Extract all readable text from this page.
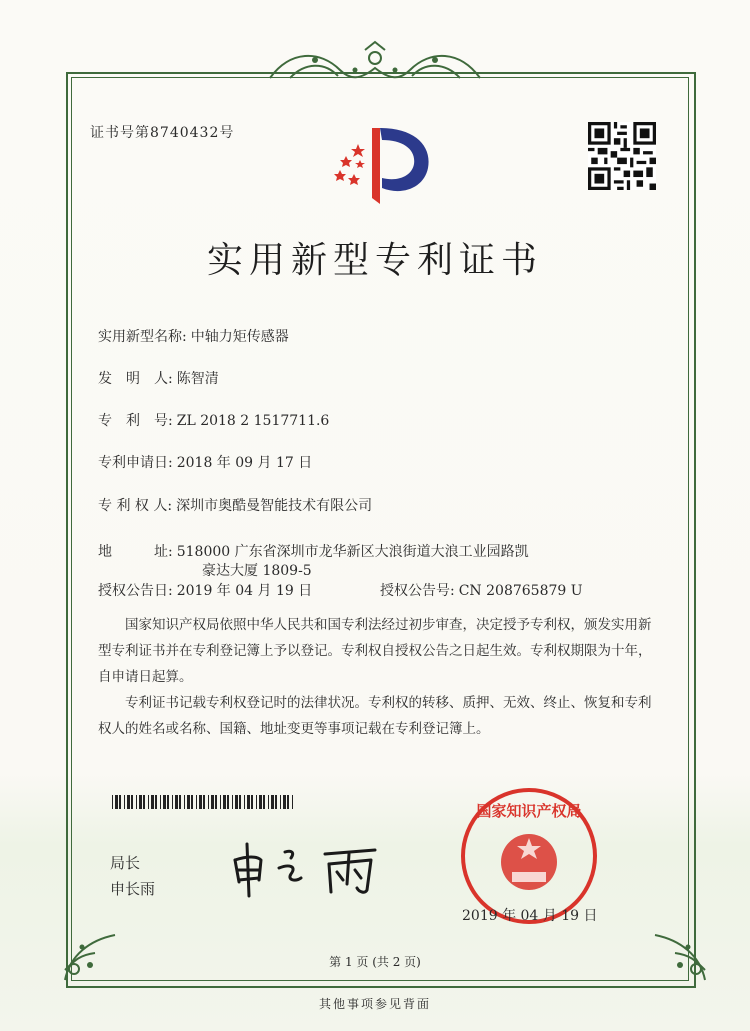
证书号第8740432号
实用新型专利证书
实用新型名称: 中轴力矩传感器
发　明　人: 陈智清
专　利　号: ZL 2018 2 1517711.6
专利申请日: 2018 年 09 月 17 日
专 利 权 人: 深圳市奥酷曼智能技术有限公司
地　　　址: 518000 广东省深圳市龙华新区大浪街道大浪工业园路凯
豪达大厦 1809-5
授权公告日: 2019 年 04 月 19 日	授权公告号: CN 208765879 U

国家知识产权局依照中华人民共和国专利法经过初步审查，决定授予专利权，颁发实用新型专利证书并在专利登记簿上予以登记。专利权自授权公告之日起生效。专利权期限为十年，自申请日起算。

专利证书记载专利权登记时的法律状况。专利权的转移、质押、无效、终止、恢复和专利权人的姓名或名称、国籍、地址变更等事项记载在专利登记簿上。

局长
申长雨
国家知识产权局
2019 年 04 月 19 日
第 1 页 (共 2 页)
其他事项参见背面
